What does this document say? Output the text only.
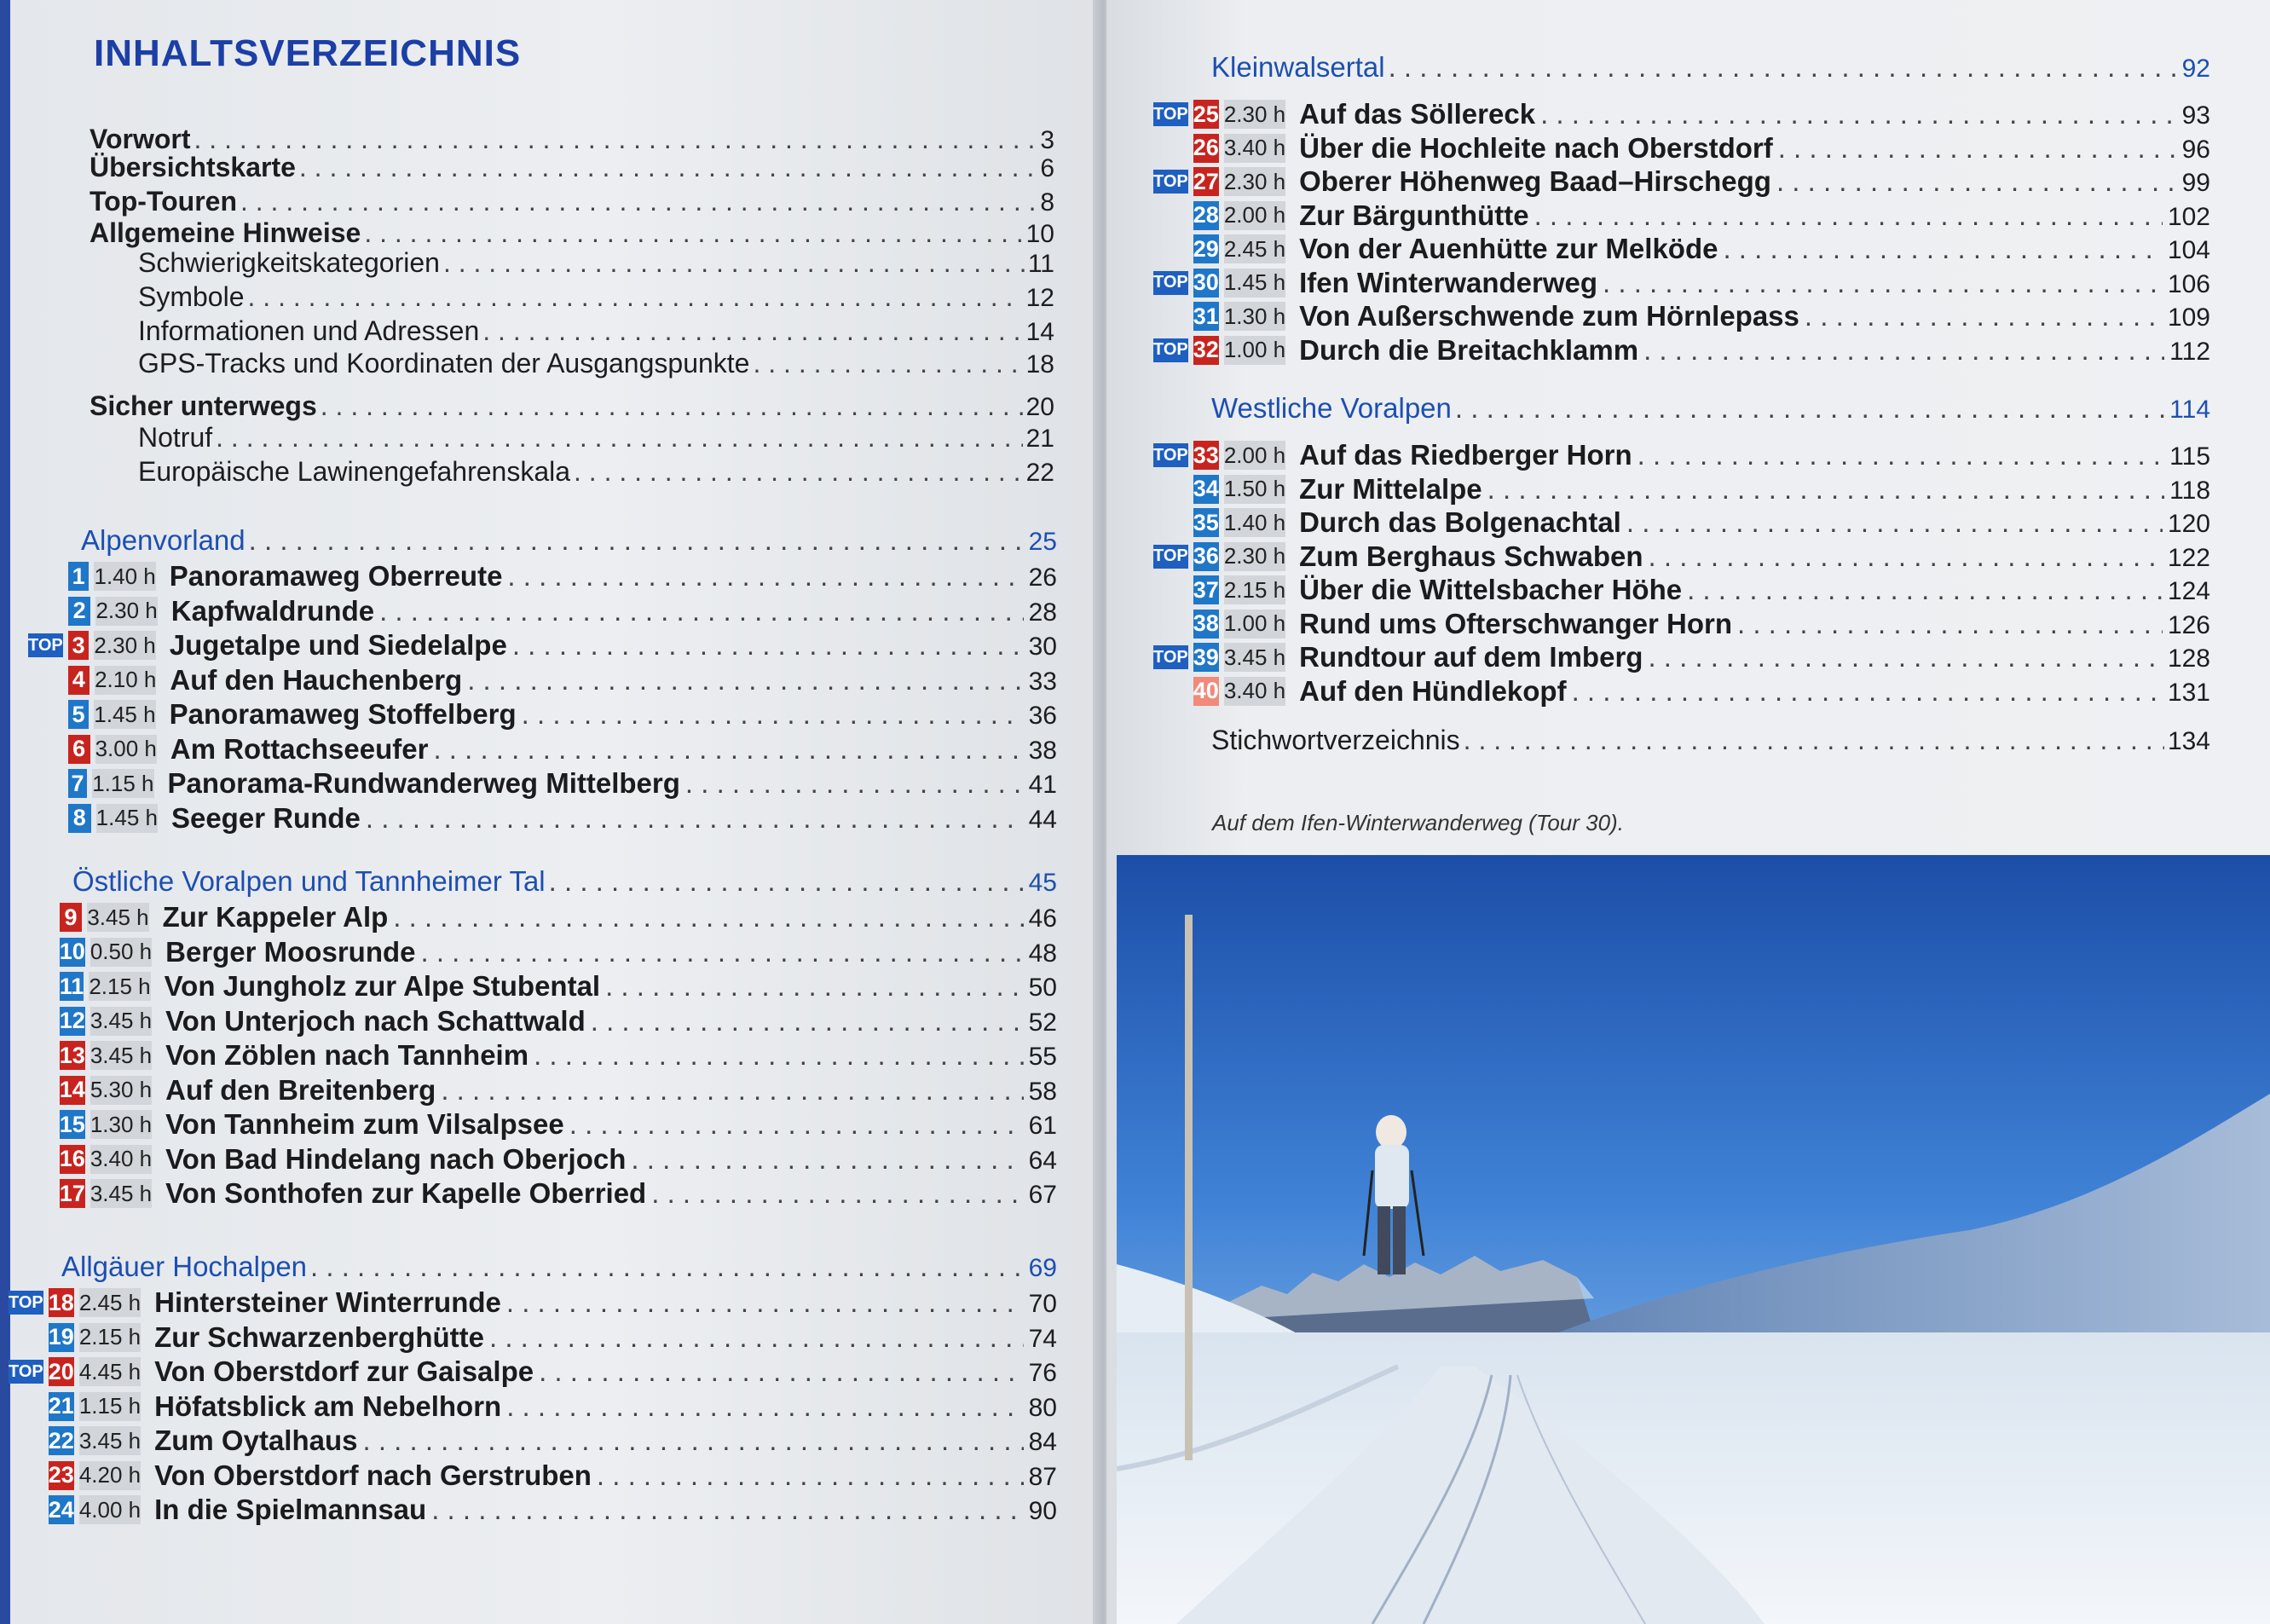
INHALTSVERZEICHNIS
Vorwort . . .	3
Übersichtskarte . . .	6
Top-Touren . . .	8
Allgemeine Hinweise . . .	10
Schwierigkeitskategorien . . .	11
Symbole . . .	12
Informationen und Adressen . . .	14
GPS-Tracks und Koordinaten der Ausgangspunkte . . .	18
Sicher unterwegs . . .	20
Notruf . . .	21
Europäische Lawinengefahrenskala . . .	22
Alpenvorland . . .	25
1 1.40 h Panoramaweg Oberreute . . .	26
2 2.30 h Kapfwaldrunde . . .	28
TOP 3 2.30 h Jugetalpe und Siedelalpe . . .	30
4 2.10 h Auf den Hauchenberg . . .	33
5 1.45 h Panoramaweg Stoffelberg . . .	36
6 3.00 h Am Rottachseeufer . . .	38
7 1.15 h Panorama-Rundwanderweg Mittelberg . . .	41
8 1.45 h Seeger Runde . . .	44
Östliche Voralpen und Tannheimer Tal . . .	45
9 3.45 h Zur Kappeler Alp . . .	46
10 0.50 h Berger Moosrunde . . .	48
11 2.15 h Von Jungholz zur Alpe Stubental . . .	50
12 3.45 h Von Unterjoch nach Schattwald . . .	52
13 3.45 h Von Zöblen nach Tannheim . . .	55
14 5.30 h Auf den Breitenberg . . .	58
15 1.30 h Von Tannheim zum Vilsalpsee . . .	61
16 3.40 h Von Bad Hindelang nach Oberjoch . . .	64
17 3.45 h Von Sonthofen zur Kapelle Oberried . . .	67
Allgäuer Hochalpen . . .	69
TOP 18 2.45 h Hintersteiner Winterrunde . . .	70
19 2.15 h Zur Schwarzenberghütte . . .	74
TOP 20 4.45 h Von Oberstdorf zur Gaisalpe . . .	76
21 1.15 h Höfatsblick am Nebelhorn . . .	80
22 3.45 h Zum Oytalhaus . . .	84
23 4.20 h Von Oberstdorf nach Gerstruben . . .	87
24 4.00 h In die Spielmannsau . . .	90
Kleinwalsertal . . .	92
TOP 25 2.30 h Auf das Söllereck . . .	93
26 3.40 h Über die Hochleite nach Oberstdorf . . .	96
TOP 27 2.30 h Oberer Höhenweg Baad–Hirschegg . . .	99
28 2.00 h Zur Bärgunthütte . . .	102
29 2.45 h Von der Auenhütte zur Melköde . . .	104
TOP 30 1.45 h Ifen Winterwanderweg . . .	106
31 1.30 h Von Außerschwende zum Hörnlepass . . .	109
TOP 32 1.00 h Durch die Breitachklamm . . .	112
Westliche Voralpen . . .	114
TOP 33 2.00 h Auf das Riedberger Horn . . .	115
34 1.50 h Zur Mittelalpe . . .	118
35 1.40 h Durch das Bolgenachtal . . .	120
TOP 36 2.30 h Zum Berghaus Schwaben . . .	122
37 2.15 h Über die Wittelsbacher Höhe . . .	124
38 1.00 h Rund ums Ofterschwanger Horn . . .	126
TOP 39 3.45 h Rundtour auf dem Imberg . . .	128
40 3.40 h Auf den Hündlekopf . . .	131
Stichwortverzeichnis . . .	134
Auf dem Ifen-Winterwanderweg (Tour 30).
